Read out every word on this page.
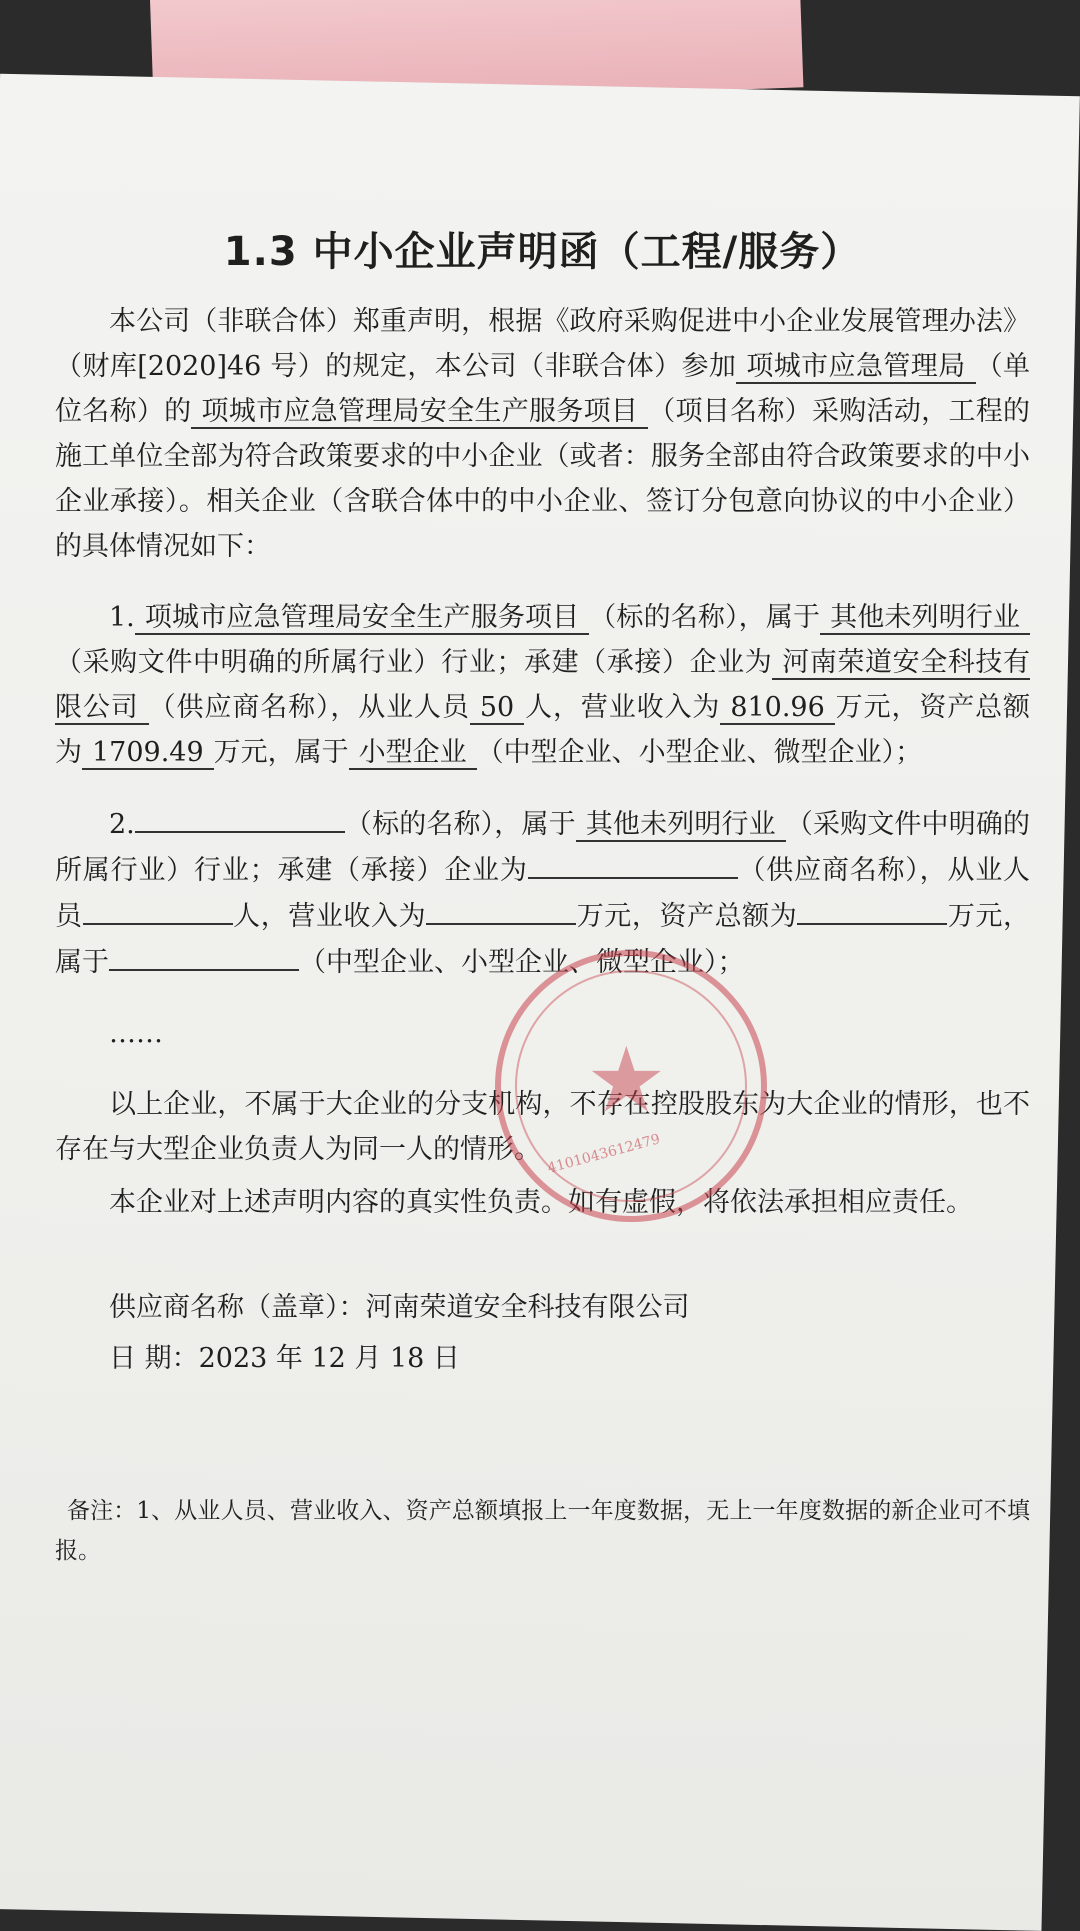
1.3 中小企业声明函（工程/服务）

本公司（非联合体）郑重声明，根据《政府采购促进中小企业发展管理办法》（财库[2020]46 号）的规定，本公司（非联合体）参加 项城市应急管理局 （单位名称）的 项城市应急管理局安全生产服务项目 （项目名称）采购活动，工程的施工单位全部为符合政策要求的中小企业（或者：服务全部由符合政策要求的中小企业承接）。相关企业（含联合体中的中小企业、签订分包意向协议的中小企业）的具体情况如下：

1. 项城市应急管理局安全生产服务项目 （标的名称），属于 其他未列明行业（采购文件中明确的所属行业）行业；承建（承接）企业为 河南荣道安全科技有限公司 （供应商名称），从业人员 50 人，营业收入为 810.96 万元，资产总额为 1709.49 万元，属于 小型企业 （中型企业、小型企业、微型企业）；

2.	（标的名称），属于 其他未列明行业 （采购文件中明确的所属行业）行业；承建（承接）企业为	（供应商名称），从业人员	人，营业收入为	万元，资产总额为	万元，属于	（中型企业、小型企业、微型企业）；

……

以上企业，不属于大企业的分支机构，不存在控股股东为大企业的情形，也不存在与大型企业负责人为同一人的情形。

本企业对上述声明内容的真实性负责。如有虚假，将依法承担相应责任。

供应商名称（盖章）：河南荣道安全科技有限公司

日 期：2023 年 12 月 18 日

备注：1、从业人员、营业收入、资产总额填报上一年度数据，无上一年度数据的新企业可不填报。

★
4101043612479
